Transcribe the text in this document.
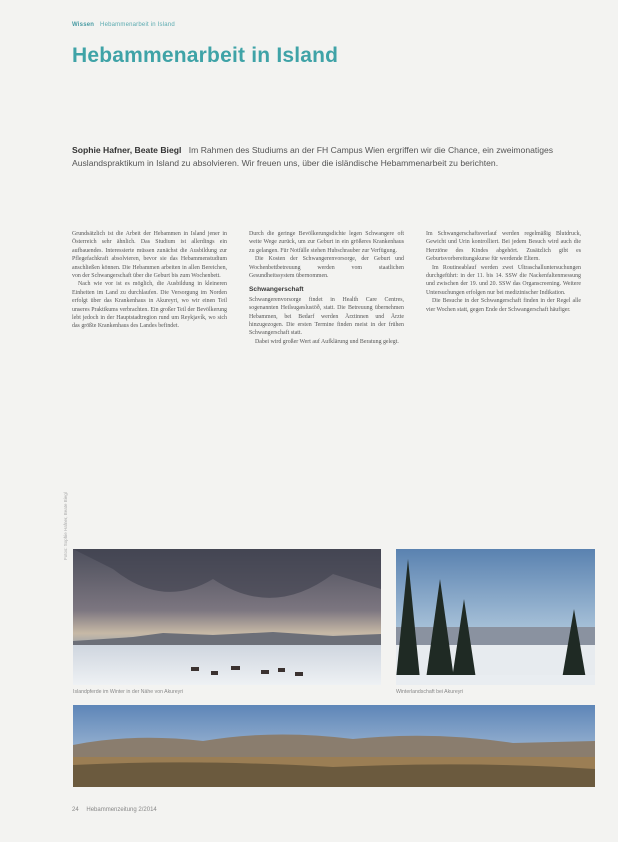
Wissen Hebammenarbeit in Island
Hebammenarbeit in Island
Sophie Hafner, Beate Biegl Im Rahmen des Studiums an der FH Campus Wien ergriffen wir die Chance, ein zweimonatiges Auslandspraktikum in Island zu absolvieren. Wir freuen uns, über die isländische Hebammenarbeit zu berichten.

Grundsätzlich ist die Arbeit der Hebammen in Island jener in Österreich sehr ähnlich. Das Studium ist allerdings ein aufbauendes. Interessierte müssen zunächst die Ausbildung zur Pflegefachkraft absolvieren, bevor sie das Hebammenstudium anschließen können. Die Hebammen arbeiten in allen Bereichen, von der Schwangerschaft über die Geburt bis zum Wochenbett.

Nach wie vor ist es möglich, die Ausbildung in kleineren Einheiten im Land zu durchlaufen. Die Versorgung im Norden erfolgt über das Krankenhaus in Akureyri, wo wir einen Teil unseres Praktikums verbrachten. Ein großer Teil der Bevölkerung lebt jedoch in der Hauptstadtregion rund um Reykjavík, wo sich das größte Krankenhaus des Landes befindet.

Durch die geringe Bevölkerungsdichte legen Schwangere oft weite Wege zurück, um zur Geburt in ein größeres Krankenhaus zu gelangen. Für Notfälle stehen Hubschrauber zur Verfügung.

Die Kosten der Schwangerenvorsorge, der Geburt und Wochenbettbetreuung werden vom staatlichen Gesundheitssystem übernommen.

Schwangerschaft

Schwangerenvorsorge findet in Health Care Centres, sogenannten Heilsugæslustöð, statt. Die Betreuung übernehmen Hebammen, bei Bedarf werden Ärztinnen und Ärzte hinzugezogen. Die ersten Termine finden meist in der frühen Schwangerschaft statt.

Dabei wird großer Wert auf Aufklärung und Beratung gelegt.

Im Schwangerschaftsverlauf werden regelmäßig Blutdruck, Gewicht und Urin kontrolliert. Bei jedem Besuch wird auch die Herztöne des Kindes abgehört. Zusätzlich gibt es Geburtsvorbereitungskurse für werdende Eltern.

Im Routineablauf werden zwei Ultraschalluntersuchungen durchgeführt: in der 11. bis 14. SSW die Nackenfaltenmessung und zwischen der 19. und 20. SSW das Organscreening. Weitere Untersuchungen erfolgen nur bei medizinischer Indikation.

Die Besuche in der Schwangerschaft finden in der Regel alle vier Wochen statt, gegen Ende der Schwangerschaft häufiger.

Islandpferde im Winter in der Nähe von Akureyri	Winterlandschaft bei Akureyri
Fotos: Sophie Hafner, Beate Biegl
24 Hebammenzeitung 2/2014
